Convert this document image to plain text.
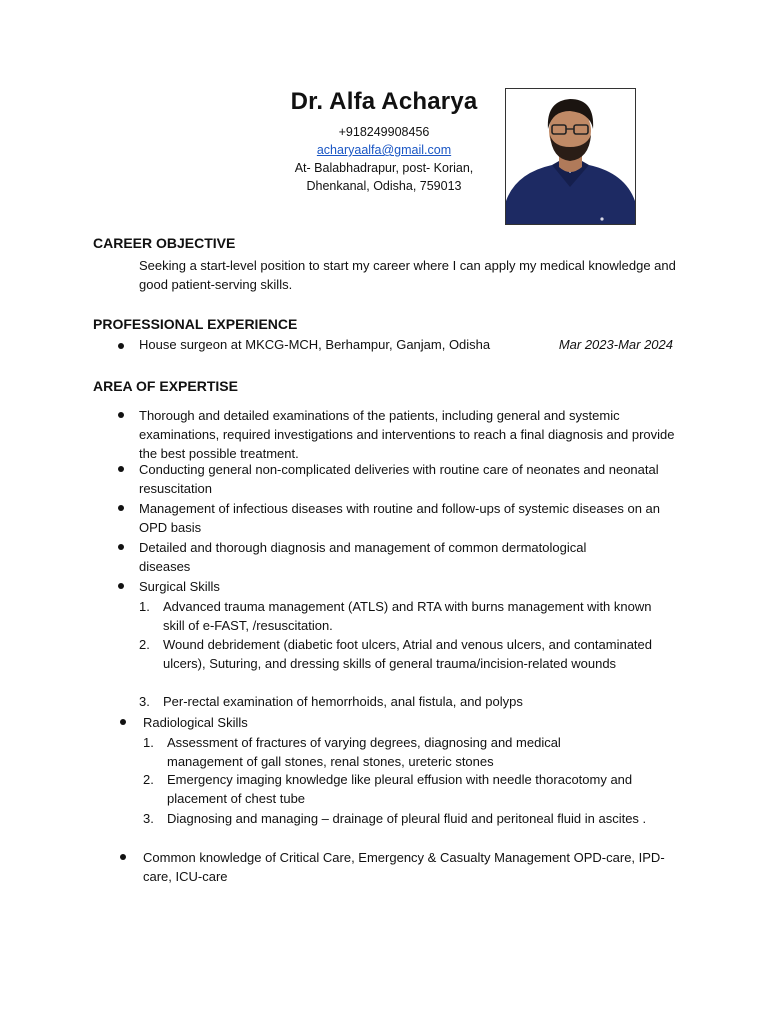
Dr. Alfa Acharya

+918249908456

acharyaalfa@gmail.com

At- Balabhadrapur, post- Korian,

Dhenkanal, Odisha, 759013

CAREER OBJECTIVE

Seeking a start-level position to start my career where I can apply my medical knowledge and good patient-serving skills.

PROFESSIONAL EXPERIENCE

House surgeon at MKCG-MCH, Berhampur, Ganjam, Odisha	Mar 2023-Mar 2024

AREA OF EXPERTISE

Thorough and detailed examinations of the patients, including general and systemic examinations, required investigations and interventions to reach a final diagnosis and provide the best possible treatment.
Conducting general non-complicated deliveries with routine care of neonates and neonatal resuscitation
Management of infectious diseases with routine and follow-ups of systemic diseases on an OPD basis
Detailed and thorough diagnosis and management of common dermatological diseases
Surgical Skills
1. Advanced trauma management (ATLS) and RTA with burns management with known skill of e-FAST, /resuscitation.
2. Wound debridement (diabetic foot ulcers, Atrial and venous ulcers, and contaminated ulcers), Suturing, and dressing skills of general trauma/incision-related wounds
3. Per-rectal examination of hemorrhoids, anal fistula, and polyps
Radiological Skills
1. Assessment of fractures of varying degrees, diagnosing and medical management of gall stones, renal stones, ureteric stones
2. Emergency imaging knowledge like pleural effusion with needle thoracotomy and placement of chest tube
3. Diagnosing and managing – drainage of pleural fluid and peritoneal fluid in ascites .
Common knowledge of Critical Care, Emergency & Casualty Management OPD-care, IPD-care, ICU-care
